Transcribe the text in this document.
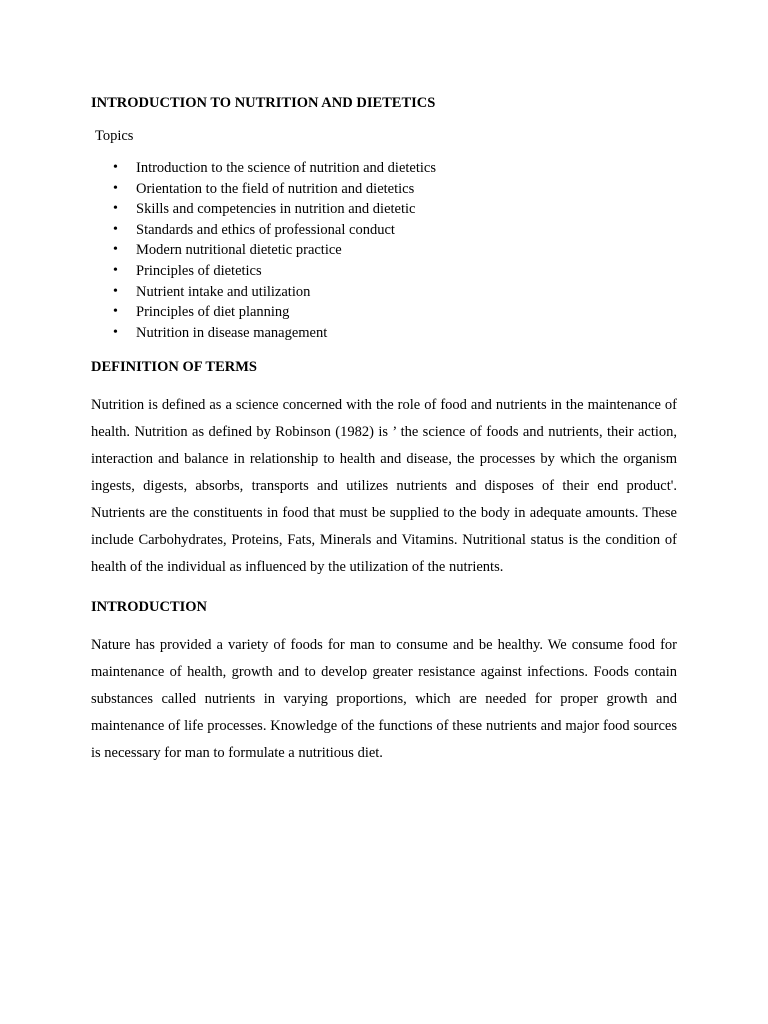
INTRODUCTION TO NUTRITION AND DIETETICS

Topics

• Introduction to the science of nutrition and dietetics
• Orientation to the field of nutrition and dietetics
• Skills and competencies in nutrition and dietetic
• Standards and ethics of professional conduct
• Modern nutritional dietetic practice
• Principles of dietetics
• Nutrient intake and utilization
• Principles of diet planning
• Nutrition in disease management
DEFINITION OF TERMS

Nutrition is defined as a science concerned with the role of food and nutrients in the maintenance of health. Nutrition as defined by Robinson (1982) is ’ the science of foods and nutrients, their action, interaction and balance in relationship to health and disease, the processes by which the organism ingests, digests, absorbs, transports and utilizes nutrients and disposes of their end product'. Nutrients are the constituents in food that must be supplied to the body in adequate amounts. These include Carbohydrates, Proteins, Fats, Minerals and Vitamins. Nutritional status is the condition of health of the individual as influenced by the utilization of the nutrients.

INTRODUCTION

Nature has provided a variety of foods for man to consume and be healthy. We consume food for maintenance of health, growth and to develop greater resistance against infections. Foods contain substances called nutrients in varying proportions, which are needed for proper growth and maintenance of life processes. Knowledge of the functions of these nutrients and major food sources is necessary for man to formulate a nutritious diet.
